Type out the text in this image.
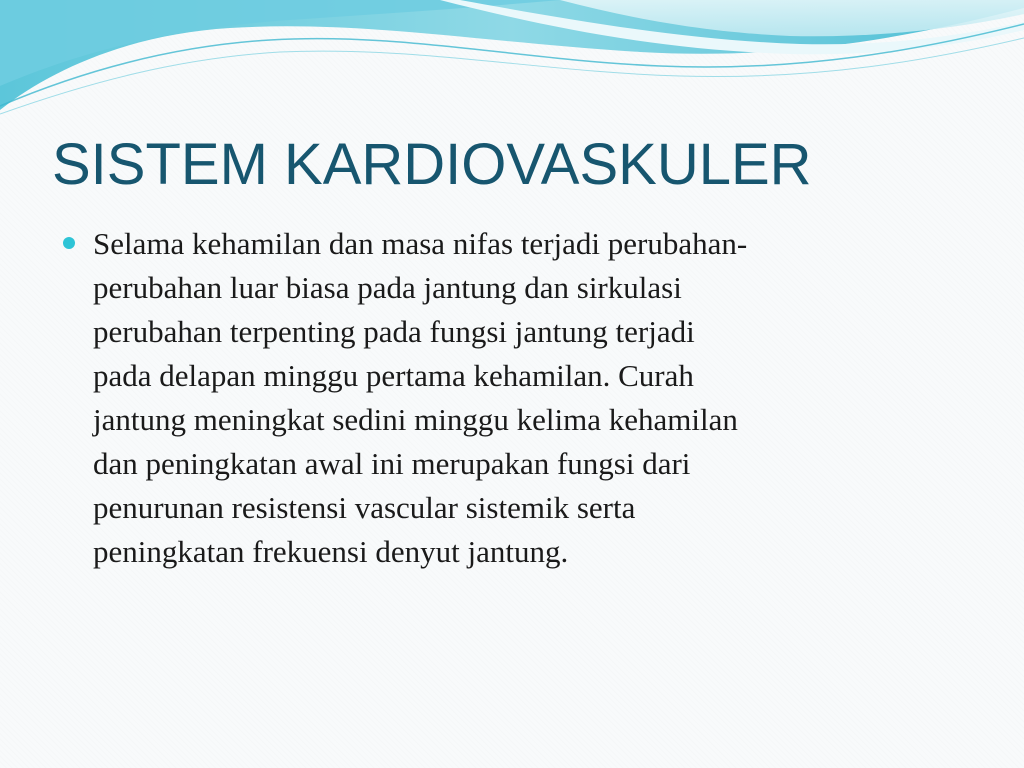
SISTEM KARDIOVASKULER
Selama kehamilan dan masa nifas terjadi perubahan-
perubahan luar biasa pada jantung dan sirkulasi
perubahan terpenting pada fungsi jantung terjadi
pada delapan minggu pertama kehamilan. Curah
jantung meningkat sedini minggu kelima kehamilan
dan peningkatan awal ini merupakan fungsi dari
penurunan resistensi vascular sistemik serta
peningkatan frekuensi denyut jantung.
